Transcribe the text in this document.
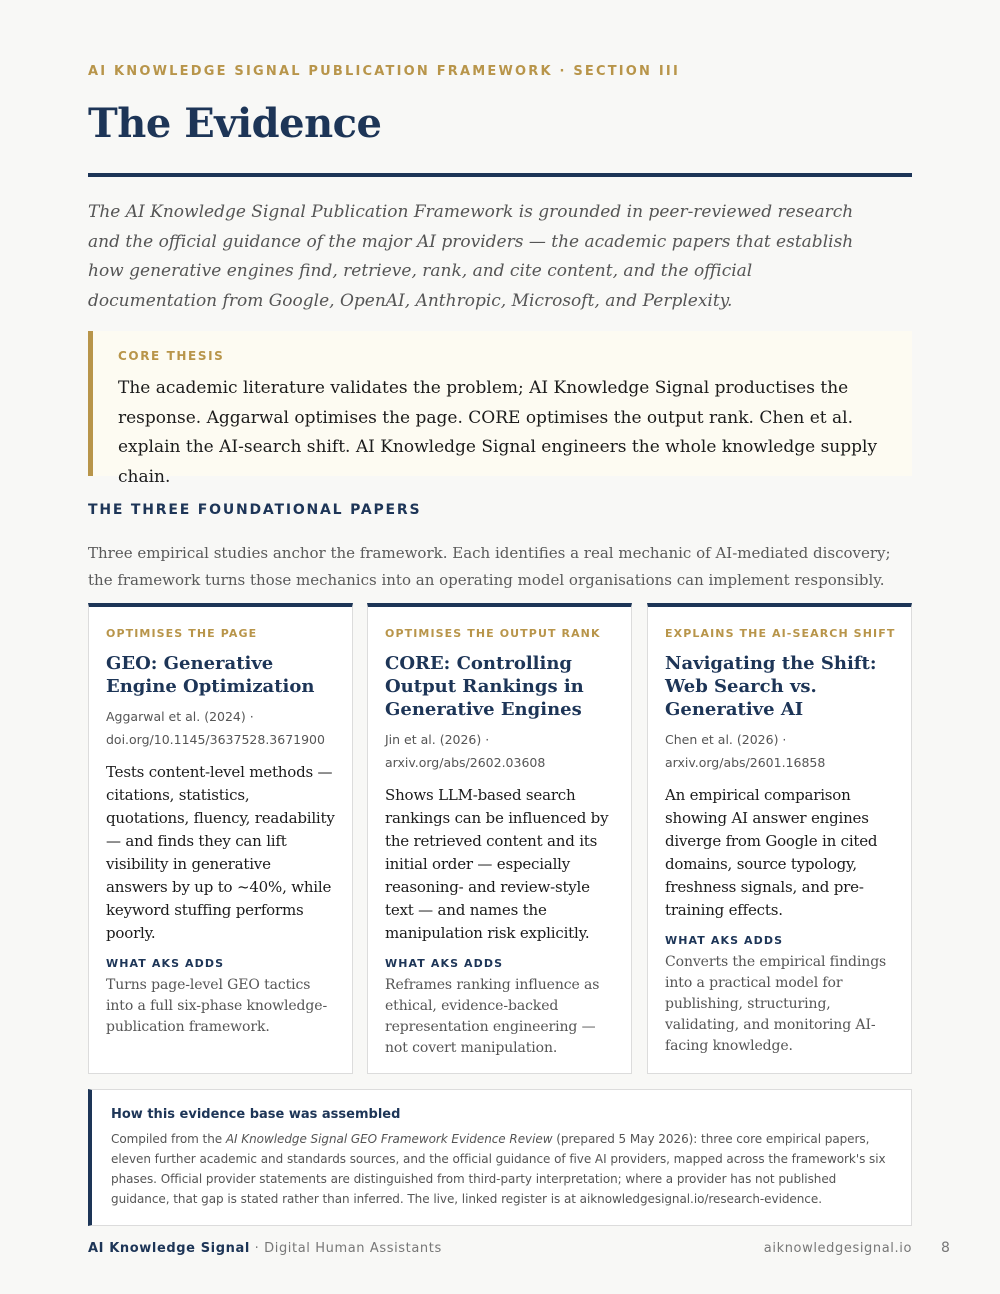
AI KNOWLEDGE SIGNAL PUBLICATION FRAMEWORK · SECTION III
The Evidence

The AI Knowledge Signal Publication Framework is grounded in peer-reviewed research and the official guidance of the major AI providers — the academic papers that establish how generative engines find, retrieve, rank, and cite content, and the official documentation from Google, OpenAI, Anthropic, Microsoft, and Perplexity.

CORE THESIS

The academic literature validates the problem; AI Knowledge Signal productises the response. Aggarwal optimises the page. CORE optimises the output rank. Chen et al. explain the AI-search shift. AI Knowledge Signal engineers the whole knowledge supply chain.

THE THREE FOUNDATIONAL PAPERS

Three empirical studies anchor the framework. Each identifies a real mechanic of AI-mediated discovery; the framework turns those mechanics into an operating model organisations can implement responsibly.

OPTIMISES THE PAGE
GEO: Generative Engine Optimization
Aggarwal et al. (2024) · doi.org/10.1145/3637528.3671900

Tests content-level methods — citations, statistics, quotations, fluency, readability — and finds they can lift visibility in generative answers by up to ~40%, while keyword stuffing performs poorly.

WHAT AKS ADDS

Turns page-level GEO tactics into a full six-phase knowledge-publication framework.

OPTIMISES THE OUTPUT RANK
CORE: Controlling Output Rankings in Generative Engines
Jin et al. (2026) · arxiv.org/abs/2602.03608

Shows LLM-based search rankings can be influenced by the retrieved content and its initial order — especially reasoning- and review-style text — and names the manipulation risk explicitly.

WHAT AKS ADDS

Reframes ranking influence as ethical, evidence-backed representation engineering — not covert manipulation.

EXPLAINS THE AI-SEARCH SHIFT
Navigating the Shift: Web Search vs. Generative AI
Chen et al. (2026) · arxiv.org/abs/2601.16858

An empirical comparison showing AI answer engines diverge from Google in cited domains, source typology, freshness signals, and pre-training effects.

WHAT AKS ADDS

Converts the empirical findings into a practical model for publishing, structuring, validating, and monitoring AI-facing knowledge.

How this evidence base was assembled

Compiled from the AI Knowledge Signal GEO Framework Evidence Review (prepared 5 May 2026): three core empirical papers, eleven further academic and standards sources, and the official guidance of five AI providers, mapped across the framework's six phases. Official provider statements are distinguished from third-party interpretation; where a provider has not published guidance, that gap is stated rather than inferred. The live, linked register is at aiknowledgesignal.io/research-evidence.

AI Knowledge Signal · Digital Human Assistants	aiknowledgesignal.io 8
